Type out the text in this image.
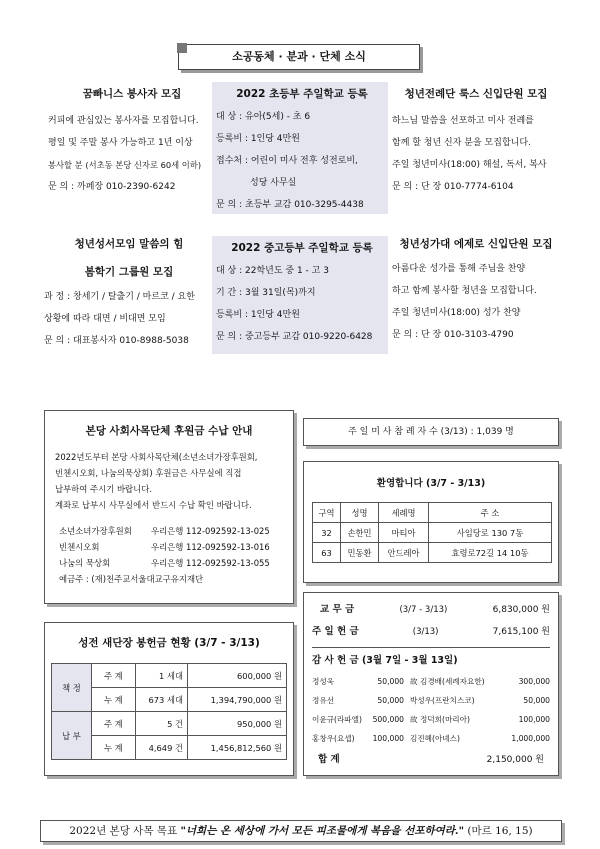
소공동체 · 분과 · 단체 소식
꿈빠니스 봉사자 모집
커피에 관심있는 봉사자를 모집합니다.
평일 및 주말 봉사 가능하고 1년 이상
봉사할 분 (서초동 본당 신자로 60세 이하)
문 의 : 까페장 010-2390-6242
2022 초등부 주일학교 등록
대 상 : 유아(5세) - 초 6
등록비 : 1인당 4만원
접수처 : 어린이 미사 전후 성전로비,
성당 사무실
문 의 : 초등부 교감 010-3295-4438
청년전례단 룩스 신입단원 모집
하느님 말씀을 선포하고 미사 전례를
함께 할 청년 신자 분을 모집합니다.
주일 청년미사(18:00) 해설, 독서, 복사
문 의 : 단 장 010-7774-6104
청년성서모임 말씀의 힘
봄학기 그룹원 모집
과 정 : 창세기 / 탈출기 / 마르코 / 요한
상황에 따라 대면 / 비대면 모임
문 의 : 대표봉사자 010-8988-5038
2022 중고등부 주일학교 등록
대 상 : 22학년도 중 1 - 고 3
기 간 : 3월 31일(목)까지
등록비 : 1인당 4만원
문 의 : 중고등부 교감 010-9220-6428
청년성가대 에제로 신입단원 모집
아름다운 성가를 통해 주님을 찬양
하고 함께 봉사할 청년을 모집합니다.
주일 청년미사(18:00) 성가 찬양
문 의 : 단 장 010-3103-4790
본당 사회사목단체 후원금 수납 안내
2022년도부터 본당 사회사목단체(소년소녀가장후원회,
빈첸시오회, 나눔의묵상회) 후원금은 사무실에 직접
납부하여 주시기 바랍니다.
계좌로 납부시 사무실에서 반드시 수납 확인 바랍니다.
소년소녀가장후원회	우리은행 112-092592-13-025
빈첸시오회	우리은행 112-092592-13-016
나눔의 묵상회	우리은행 112-092592-13-055
예금주 : (재)천주교서울대교구유지재단
주 일 미 사 참 례 자 수 (3/13) : 1,039 명
환영합니다 (3/7 - 3/13)
구역	성명	세례명	주 소
32	손한민	마티아	사임당로 130 7동
63	민동환	안드레아	효령로72길 14 10동
성전 새단장 봉헌금 현황 (3/7 - 3/13)
책 정	주 계	1 세대	600,000 원
	누 계	673 세대	1,394,790,000 원
납 부	주 계	5 건	950,000 원
	누 계	4,649 건	1,456,812,560 원
교 무 금	(3/7 - 3/13)	6,830,000 원
주 일 헌 금	(3/13)	7,615,100 원
감 사 헌 금 (3월 7일 - 3월 13일)
정성욱	50,000 故 김경배(세례자요한)	300,000
정유선	50,000 박성우(프란치스코)	50,000
이윤규(라파엘)	500,000 故 정덕희(마리아)	100,000
홍창우(요셉)	100,000 김진혜(아녜스)	1,000,000
합 계	2,150,000 원
2022년 본당 사목 목표 "너희는 온 세상에 가서 모든 피조물에게 복음을 선포하여라." (마르 16, 15)
